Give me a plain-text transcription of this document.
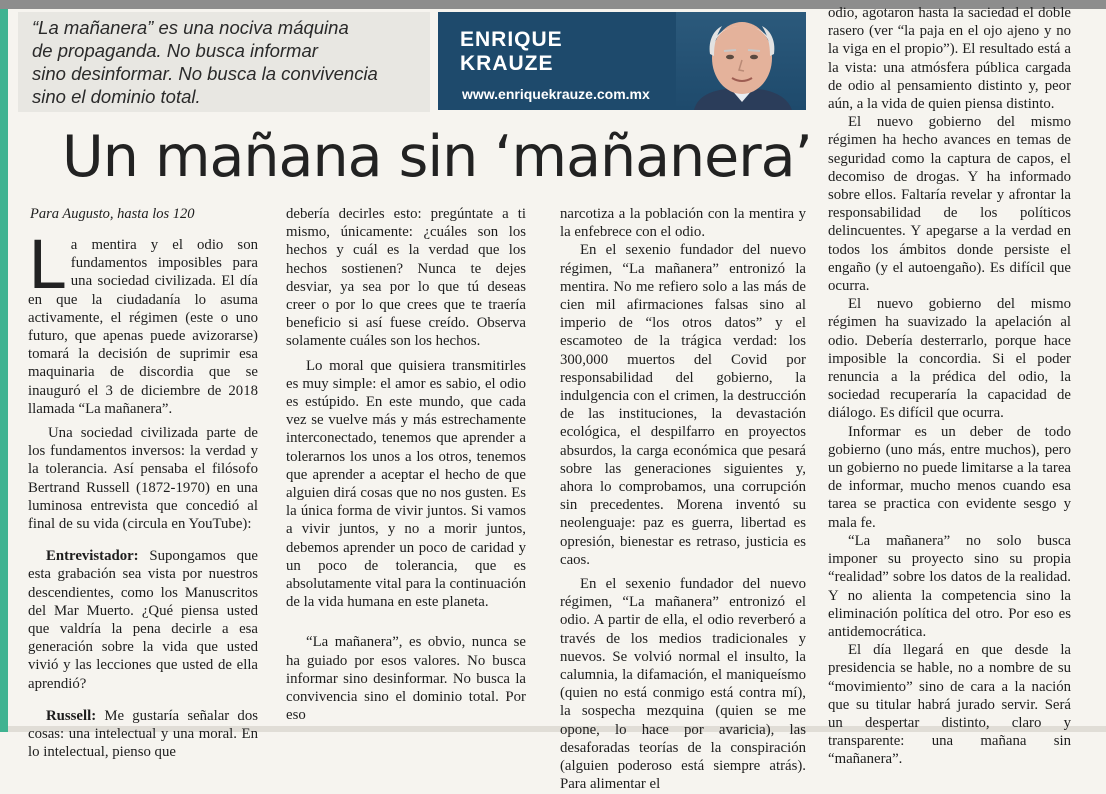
“La mañanera” es una nociva máquina
de propaganda. No busca informar
sino desinformar. No busca la convivencia
sino el dominio total.
ENRIQUE
KRAUZE
www.enriquekrauze.com.mx
Un mañana sin ‘mañanera’
Para Augusto, hasta los 120

La mentira y el odio son fundamentos imposibles para una sociedad civilizada. El día en que la ciudadanía lo asuma activamente, el régimen (este o uno futuro, que apenas puede avizorarse) tomará la decisión de suprimir esa maquinaria de discordia que se inauguró el 3 de diciembre de 2018 llamada “La mañanera”.

Una sociedad civilizada parte de los fundamentos inversos: la verdad y la tolerancia. Así pensaba el filósofo Bertrand Russell (1872-1970) en una luminosa entrevista que concedió al final de su vida (circula en YouTube):

Entrevistador: Supongamos que esta grabación sea vista por nuestros descendientes, como los Manuscritos del Mar Muerto. ¿Qué piensa usted que valdría la pena decirle a esa generación sobre la vida que usted vivió y las lecciones que usted de ella aprendió?

Russell: Me gustaría señalar dos cosas: una intelectual y una moral. En lo intelectual, pienso que

debería decirles esto: pregúntate a ti mismo, únicamente: ¿cuáles son los hechos y cuál es la verdad que los hechos sostienen? Nunca te dejes desviar, ya sea por lo que tú deseas creer o por lo que crees que te traería beneficio si así fuese creído. Observa solamente cuáles son los hechos.

Lo moral que quisiera transmitirles es muy simple: el amor es sabio, el odio es estúpido. En este mundo, que cada vez se vuelve más y más estrechamente interconectado, tenemos que aprender a tolerarnos los unos a los otros, tenemos que aprender a aceptar el hecho de que alguien dirá cosas que no nos gusten. Es la única forma de vivir juntos. Si vamos a vivir juntos, y no a morir juntos, debemos aprender un poco de caridad y un poco de tolerancia, que es absolutamente vital para la continuación de la vida humana en este planeta.

“La mañanera”, es obvio, nunca se ha guiado por esos valores. No busca informar sino desinformar. No busca la convivencia sino el dominio total. Por eso

narcotiza a la población con la mentira y la enfebrece con el odio.

En el sexenio fundador del nuevo régimen, “La mañanera” entronizó la mentira. No me refiero solo a las más de cien mil afirmaciones falsas sino al imperio de “los otros datos” y el escamoteo de la trágica verdad: los 300,000 muertos del Covid por responsabilidad del gobierno, la indulgencia con el crimen, la destrucción de las instituciones, la devastación ecológica, el despilfarro en proyectos absurdos, la carga económica que pesará sobre las generaciones siguientes y, ahora lo comprobamos, una corrupción sin precedentes. Morena inventó su neolenguaje: paz es guerra, libertad es opresión, bienestar es retraso, justicia es caos.

En el sexenio fundador del nuevo régimen, “La mañanera” entronizó el odio. A partir de ella, el odio reverberó a través de los medios tradicionales y nuevos. Se volvió normal el insulto, la calumnia, la difamación, el maniqueísmo (quien no está conmigo está contra mí), la sospecha mezquina (quien se me opone, lo hace por avaricia), las desaforadas teorías de la conspiración (alguien poderoso está siempre atrás). Para alimentar el

odio, agotaron hasta la saciedad el doble rasero (ver “la paja en el ojo ajeno y no la viga en el propio”). El resultado está a la vista: una atmósfera pública cargada de odio al pensamiento distinto y, peor aún, a la vida de quien piensa distinto.

El nuevo gobierno del mismo régimen ha hecho avances en temas de seguridad como la captura de capos, el decomiso de drogas. Y ha informado sobre ellos. Faltaría revelar y afrontar la responsabilidad de los políticos delincuentes. Y apegarse a la verdad en todos los ámbitos donde persiste el engaño (y el autoengaño). Es difícil que ocurra.

El nuevo gobierno del mismo régimen ha suavizado la apelación al odio. Debería desterrarlo, porque hace imposible la concordia. Si el poder renuncia a la prédica del odio, la sociedad recuperaría la capacidad de diálogo. Es difícil que ocurra.

Informar es un deber de todo gobierno (uno más, entre muchos), pero un gobierno no puede limitarse a la tarea de informar, mucho menos cuando esa tarea se practica con evidente sesgo y mala fe.

“La mañanera” no solo busca imponer su proyecto sino su propia “realidad” sobre los datos de la realidad. Y no alienta la competencia sino la eliminación política del otro. Por eso es antidemocrática.

El día llegará en que desde la presidencia se hable, no a nombre de su “movimiento” sino de cara a la nación que su titular habrá jurado servir. Será un despertar distinto, claro y transparente: una mañana sin “mañanera”.
